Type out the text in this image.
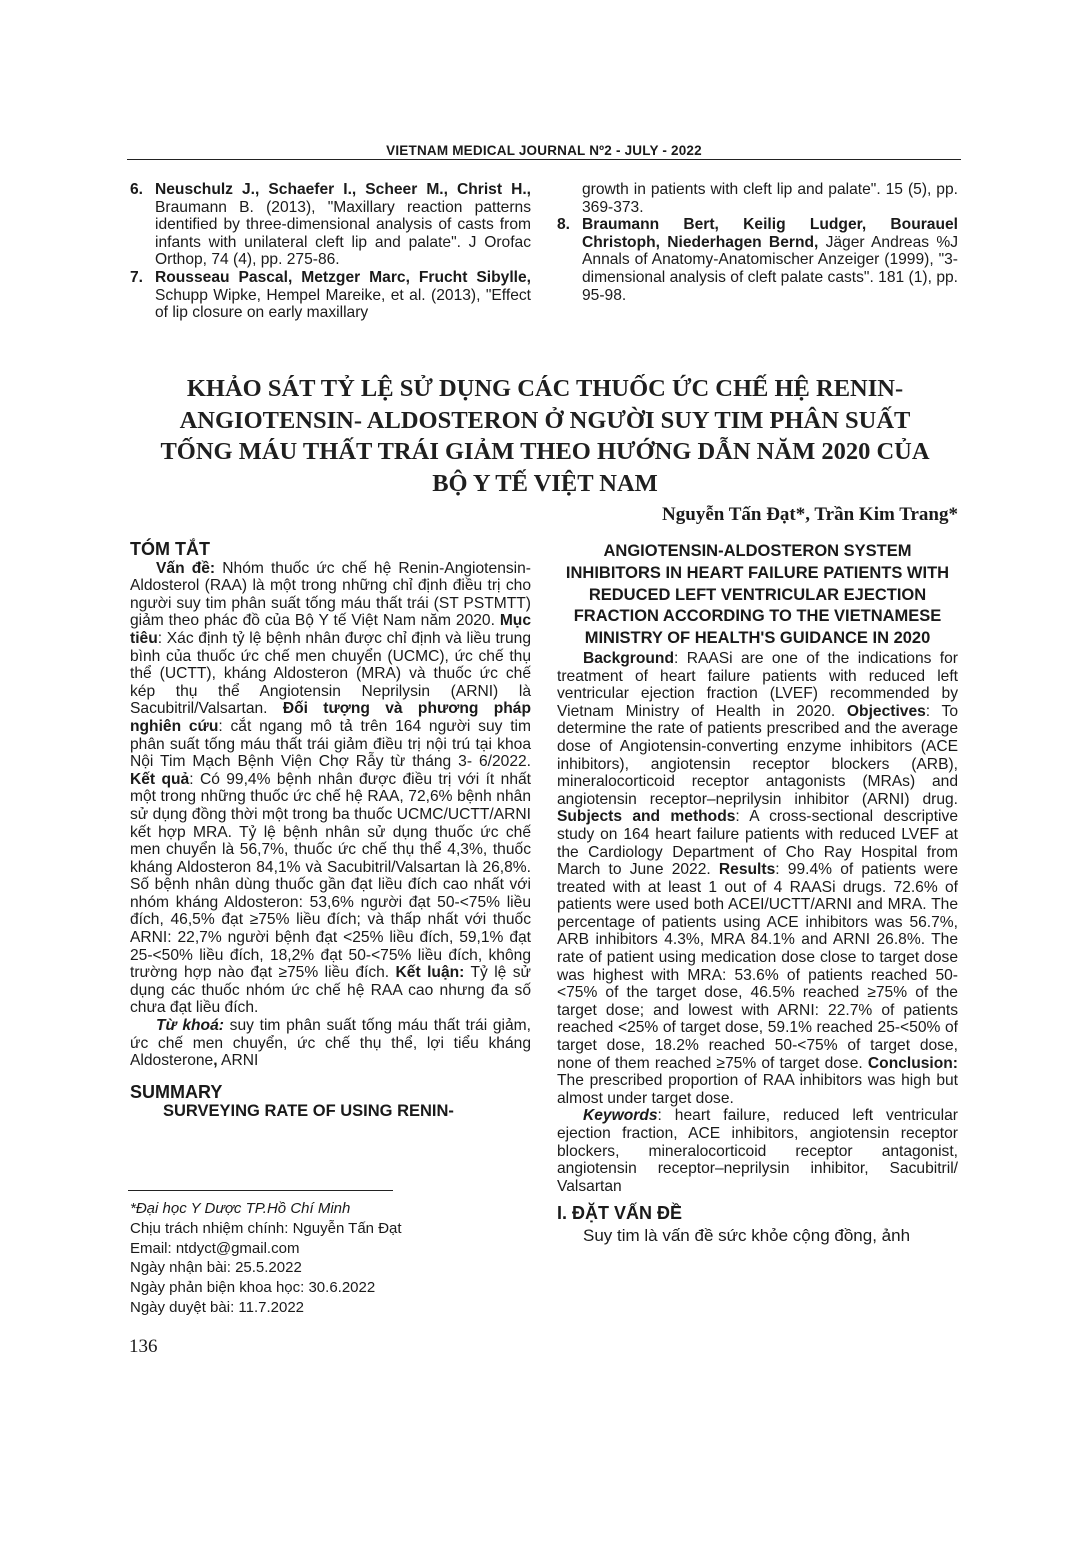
VIETNAM MEDICAL JOURNAL Nº2 - JULY - 2022
6. Neuschulz J., Schaefer I., Scheer M., Christ H., Braumann B. (2013), "Maxillary reaction patterns identified by three-dimensional analysis of casts from infants with unilateral cleft lip and palate". J Orofac Orthop, 74 (4), pp. 275-86.
7. Rousseau Pascal, Metzger Marc, Frucht Sibylle, Schupp Wipke, Hempel Mareike, et al. (2013), "Effect of lip closure on early maxillary

growth in patients with cleft lip and palate". 15 (5), pp. 369-373.

8. Braumann Bert, Keilig Ludger, Bourauel Christoph, Niederhagen Bernd, Jäger Andreas %J Annals of Anatomy-Anatomischer Anzeiger (1999), "3-dimensional analysis of cleft palate casts". 181 (1), pp. 95-98.
KHẢO SÁT TỶ LỆ SỬ DỤNG CÁC THUỐC ỨC CHẾ HỆ RENIN-ANGIOTENSIN- ALDOSTERON Ở NGƯỜI SUY TIM PHÂN SUẤT TỐNG MÁU THẤT TRÁI GIẢM THEO HƯỚNG DẪN NĂM 2020 CỦA BỘ Y TẾ VIỆT NAM
Nguyễn Tấn Đạt*, Trần Kim Trang*

TÓM TẮT

Vấn đề: Nhóm thuốc ức chế hệ Renin-Angiotensin- Aldosterol (RAA) là một trong những chỉ định điều trị cho người suy tim phân suất tống máu thất trái (ST PSTMTT) giảm theo phác đồ của Bộ Y tế Việt Nam năm 2020. Mục tiêu: Xác định tỷ lệ bệnh nhân được chỉ định và liều trung bình của thuốc ức chế men chuyển (UCMC), ức chế thụ thể (UCTT), kháng Aldosteron (MRA) và thuốc ức chế kép thụ thể Angiotensin Neprilysin (ARNI) là Sacubitril/Valsartan. Đối tượng và phương pháp nghiên cứu: cắt ngang mô tả trên 164 người suy tim phân suất tống máu thất trái giảm điều trị nội trú tại khoa Nội Tim Mạch Bệnh Viện Chợ Rẫy từ tháng 3- 6/2022. Kết quả: Có 99,4% bệnh nhân được điều trị với ít nhất một trong những thuốc ức chế hệ RAA, 72,6% bệnh nhân sử dụng đồng thời một trong ba thuốc UCMC/UCTT/ARNI kết hợp MRA. Tỷ lệ bệnh nhân sử dụng thuốc ức chế men chuyển là 56,7%, thuốc ức chế thụ thể 4,3%, thuốc kháng Aldosteron 84,1% và Sacubitril/Valsartan là 26,8%. Số bệnh nhân dùng thuốc gần đạt liều đích cao nhất với nhóm kháng Aldosteron: 53,6% người đạt 50-<75% liều đích, 46,5% đạt ≥75% liều đích; và thấp nhất với thuốc ARNI: 22,7% người bệnh đạt <25% liều đích, 59,1% đạt 25-<50% liều đích, 18,2% đạt 50-<75% liều đích, không trường hợp nào đạt ≥75% liều đích. Kết luận: Tỷ lệ sử dụng các thuốc nhóm ức chế hệ RAA cao nhưng đa số chưa đạt liều đích.

Từ khoá: suy tim phân suất tống máu thất trái giảm, ức chế men chuyển, ức chế thụ thể, lợi tiểu kháng Aldosterone, ARNI

SUMMARY

SURVEYING RATE OF USING RENIN-

*Đại học Y Dược TP.Hồ Chí Minh
Chịu trách nhiệm chính: Nguyễn Tấn Đạt
Email: ntdyct@gmail.com
Ngày nhận bài: 25.5.2022
Ngày phản biện khoa học: 30.6.2022
Ngày duyệt bài: 11.7.2022
136

ANGIOTENSIN-ALDOSTERON SYSTEM INHIBITORS IN HEART FAILURE PATIENTS WITH REDUCED LEFT VENTRICULAR EJECTION FRACTION ACCORDING TO THE VIETNAMESE MINISTRY OF HEALTH'S GUIDANCE IN 2020

Background: RAASi are one of the indications for treatment of heart failure patients with reduced left ventricular ejection fraction (LVEF) recommended by Vietnam Ministry of Health in 2020. Objectives: To determine the rate of patients prescribed and the average dose of Angiotensin-converting enzyme inhibitors (ACE inhibitors), angiotensin receptor blockers (ARB), mineralocorticoid receptor antagonists (MRAs) and angiotensin receptor–neprilysin inhibitor (ARNI) drug. Subjects and methods: A cross-sectional descriptive study on 164 heart failure patients with reduced LVEF at the Cardiology Department of Cho Ray Hospital from March to June 2022. Results: 99.4% of patients were treated with at least 1 out of 4 RAASi drugs. 72.6% of patients were used both ACEI/UCTT/ARNI and MRA. The percentage of patients using ACE inhibitors was 56.7%, ARB inhibitors 4.3%, MRA 84.1% and ARNI 26.8%. The rate of patient using medication dose close to target dose was highest with MRA: 53.6% of patients reached 50-<75% of the target dose, 46.5% reached ≥75% of the target dose; and lowest with ARNI: 22.7% of patients reached <25% of target dose, 59.1% reached 25-<50% of target dose, 18.2% reached 50-<75% of target dose, none of them reached ≥75% of target dose. Conclusion: The prescribed proportion of RAA inhibitors was high but almost under target dose.

Keywords: heart failure, reduced left ventricular ejection fraction, ACE inhibitors, angiotensin receptor blockers, mineralocorticoid receptor antagonist, angiotensin receptor–neprilysin inhibitor, Sacubitril/ Valsartan

I. ĐẶT VẤN ĐỀ

Suy tim là vấn đề sức khỏe cộng đồng, ảnh
